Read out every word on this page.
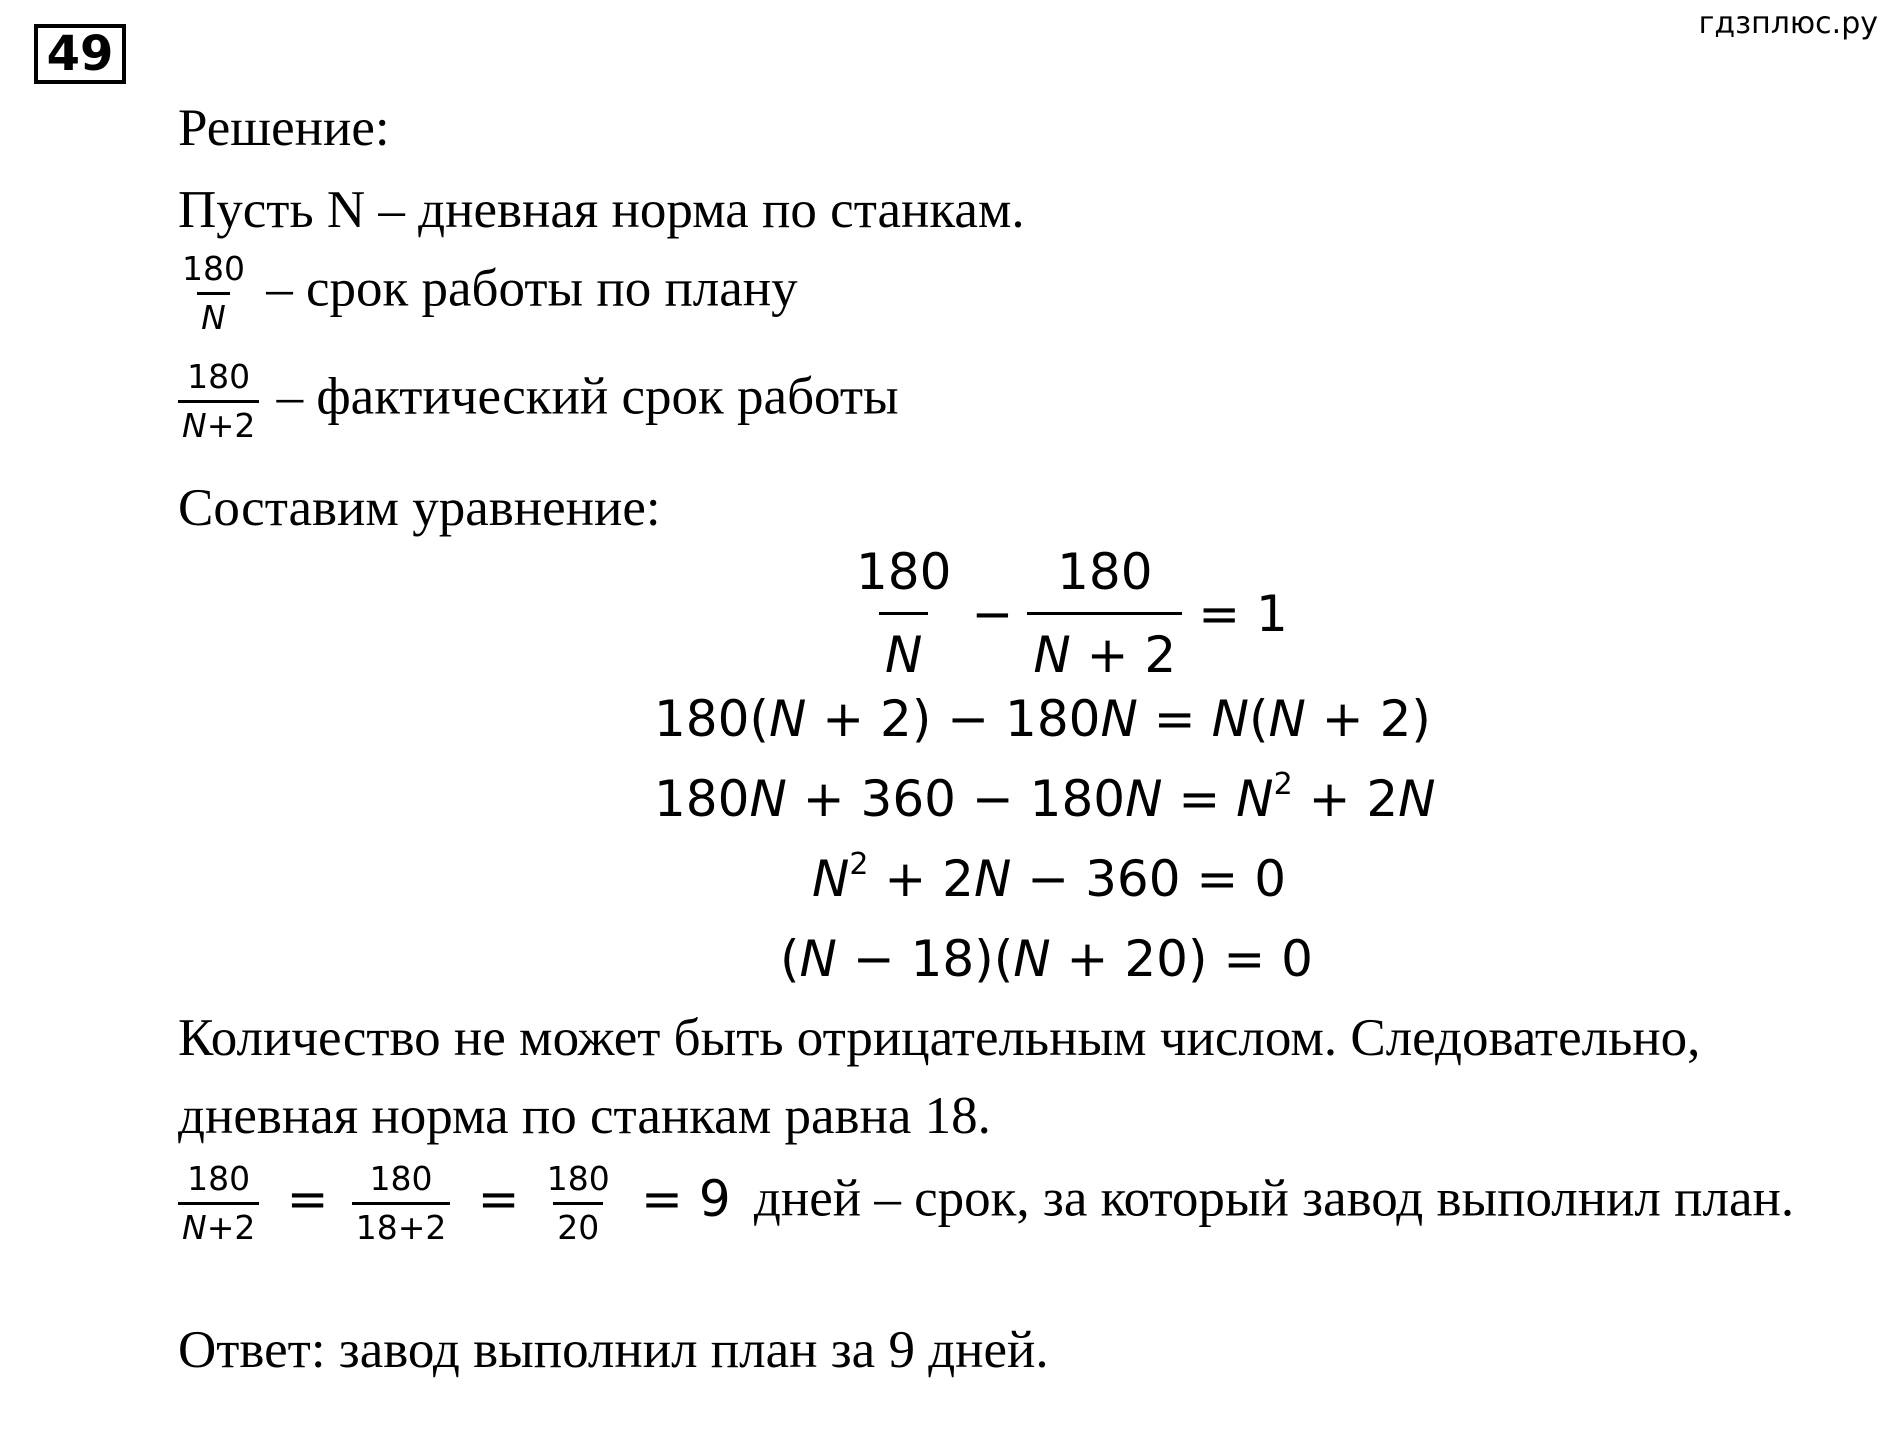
49
гдзплюс.ру
Решение:
Пусть N – дневная норма по станкам.
$\frac{180}{N}$ – срок работы по плану
$\frac{180}{N+2}$ – фактический срок работы
Составим уравнение:
$\frac{180}{N} - \frac{180}{N + 2} = 1$
180(N + 2) − 180N = N(N + 2)
$180N + 360 - 180N = N^2 + 2N$
$N^2 + 2N - 360 = 0$
(N − 18)(N + 20) = 0
Количество не может быть отрицательным числом. Следовательно,
дневная норма по станкам равна 18.
$\frac{180}{N+2} = \frac{180}{18+2} = \frac{180}{20} = 9$ дней – срок, за который завод выполнил план.
Ответ: завод выполнил план за 9 дней.
